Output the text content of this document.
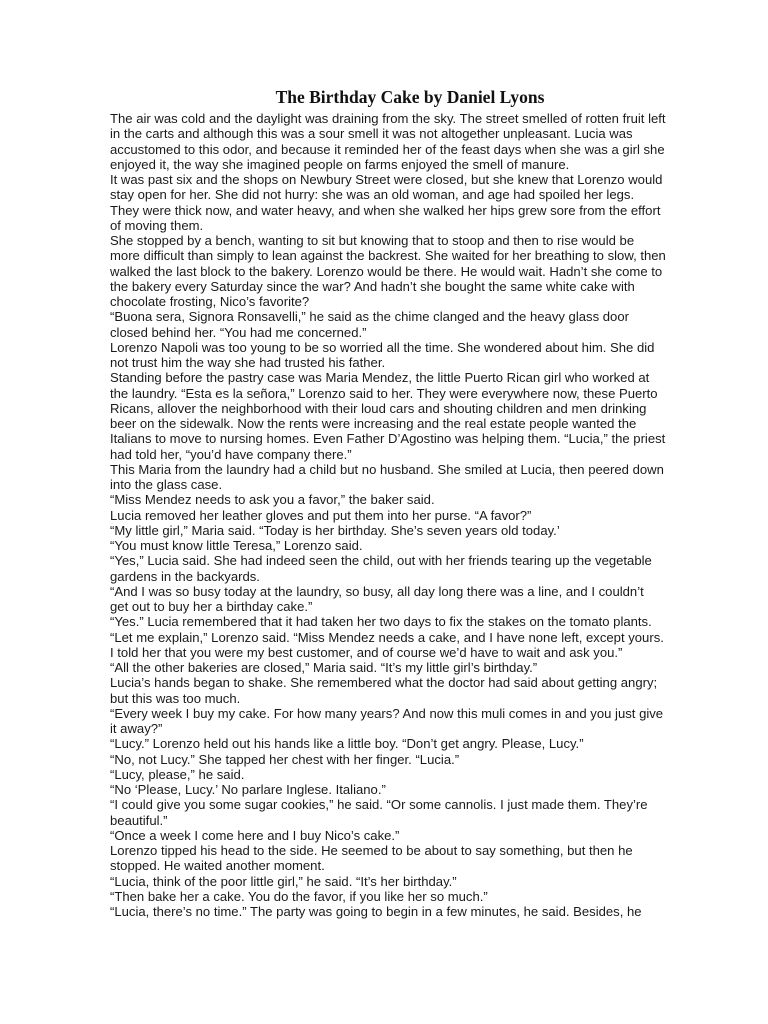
The Birthday Cake by Daniel Lyons
The air was cold and the daylight was draining from the sky. The street smelled of rotten fruit left
in the carts and although this was a sour smell it was not altogether unpleasant. Lucia was
accustomed to this odor, and because it reminded her of the feast days when she was a girl she
enjoyed it, the way she imagined people on farms enjoyed the smell of manure.
It was past six and the shops on Newbury Street were closed, but she knew that Lorenzo would
stay open for her. She did not hurry: she was an old woman, and age had spoiled her legs.
They were thick now, and water heavy, and when she walked her hips grew sore from the effort
of moving them.
She stopped by a bench, wanting to sit but knowing that to stoop and then to rise would be
more difficult than simply to lean against the backrest. She waited for her breathing to slow, then
walked the last block to the bakery. Lorenzo would be there. He would wait. Hadn’t she come to
the bakery every Saturday since the war? And hadn’t she bought the same white cake with
chocolate frosting, Nico’s favorite?
“Buona sera, Signora Ronsavelli,” he said as the chime clanged and the heavy glass door
closed behind her. “You had me concerned.”
Lorenzo Napoli was too young to be so worried all the time. She wondered about him. She did
not trust him the way she had trusted his father.
Standing before the pastry case was Maria Mendez, the little Puerto Rican girl who worked at
the laundry. “Esta es la señora,” Lorenzo said to her. They were everywhere now, these Puerto
Ricans, allover the neighborhood with their loud cars and shouting children and men drinking
beer on the sidewalk. Now the rents were increasing and the real estate people wanted the
Italians to move to nursing homes. Even Father D’Agostino was helping them. “Lucia,” the priest
had told her, “you’d have company there.”
This Maria from the laundry had a child but no husband. She smiled at Lucia, then peered down
into the glass case.
“Miss Mendez needs to ask you a favor,” the baker said.
Lucia removed her leather gloves and put them into her purse. “A favor?”
“My little girl,” Maria said. “Today is her birthday. She’s seven years old today.’
“You must know little Teresa,” Lorenzo said.
“Yes,” Lucia said. She had indeed seen the child, out with her friends tearing up the vegetable
gardens in the backyards.
“And I was so busy today at the laundry, so busy, all day long there was a line, and I couldn’t
get out to buy her a birthday cake.”
“Yes.” Lucia remembered that it had taken her two days to fix the stakes on the tomato plants.
“Let me explain,” Lorenzo said. “Miss Mendez needs a cake, and I have none left, except yours.
I told her that you were my best customer, and of course we’d have to wait and ask you.”
“All the other bakeries are closed,” Maria said. “It’s my little girl’s birthday.”
Lucia’s hands began to shake. She remembered what the doctor had said about getting angry;
but this was too much.
“Every week I buy my cake. For how many years? And now this muli comes in and you just give
it away?”
“Lucy.” Lorenzo held out his hands like a little boy. “Don’t get angry. Please, Lucy.”
“No, not Lucy.” She tapped her chest with her finger. “Lucia.”
“Lucy, please,” he said.
“No ‘Please, Lucy.’ No parlare Inglese. Italiano.”
“I could give you some sugar cookies,” he said. “Or some cannolis. I just made them. They’re
beautiful.”
“Once a week I come here and I buy Nico’s cake.”
Lorenzo tipped his head to the side. He seemed to be about to say something, but then he
stopped. He waited another moment.
“Lucia, think of the poor little girl,” he said. “It’s her birthday.”
“Then bake her a cake. You do the favor, if you like her so much.”
“Lucia, there’s no time.” The party was going to begin in a few minutes, he said. Besides, he
